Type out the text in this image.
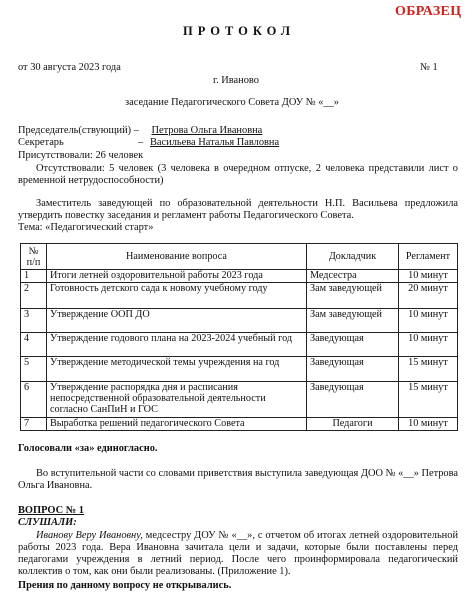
ОБРАЗЕЦ
ПРОТОКОЛ
от 30 августа 2023 года	№ 1
г. Иваново
заседание Педагогического Совета ДОУ № «__»
Председатель(ствующий) – Петрова Ольга Ивановна
Секретарь	– Васильева Наталья Павловна
Присутствовали: 26 человек
Отсутствовали: 5 человек (3 человека в очередном отпуске, 2 человека представили лист о временной нетрудоспособности)
Заместитель заведующей по образовательной деятельности Н.П. Васильева предложила утвердить повестку заседания и регламент работы Педагогического Совета.
Тема: «Педагогический старт»
№ п/п	Наименование вопроса	Докладчик	Регламент
1	Итоги летней оздоровительной работы 2023 года	Медсестра	10 минут
2	Готовность детского сада к новому учебному году	Зам заведующей	20 минут
3	Утверждение ООП ДО	Зам заведующей	10 минут
4	Утверждение годового плана на 2023-2024 учебный год	Заведующая	10 минут
5	Утверждение методической темы учреждения на год	Заведующая	15 минут
6	Утверждение распорядка дня и расписания непосредственной образовательной деятельности согласно СанПиН и ГОС	Заведующая	15 минут
7	Выработка решений педагогического Совета	Педагоги	10 минут
Голосовали «за» единогласно.
Во вступительной части со словами приветствия выступила заведующая ДОО № «__» Петрова Ольга Ивановна.
ВОПРОС № 1
СЛУШАЛИ:
Иванову Веру Ивановну, медсестру ДОУ № «__», с отчетом об итогах летней оздоровительной работы 2023 года. Вера Ивановна зачитала цели и задачи, которые были поставлены перед педагогами учреждения в летний период. После чего проинформировала педагогический коллектив о том, как они были реализованы. (Приложение 1).
Прения по данному вопросу не открывались.
